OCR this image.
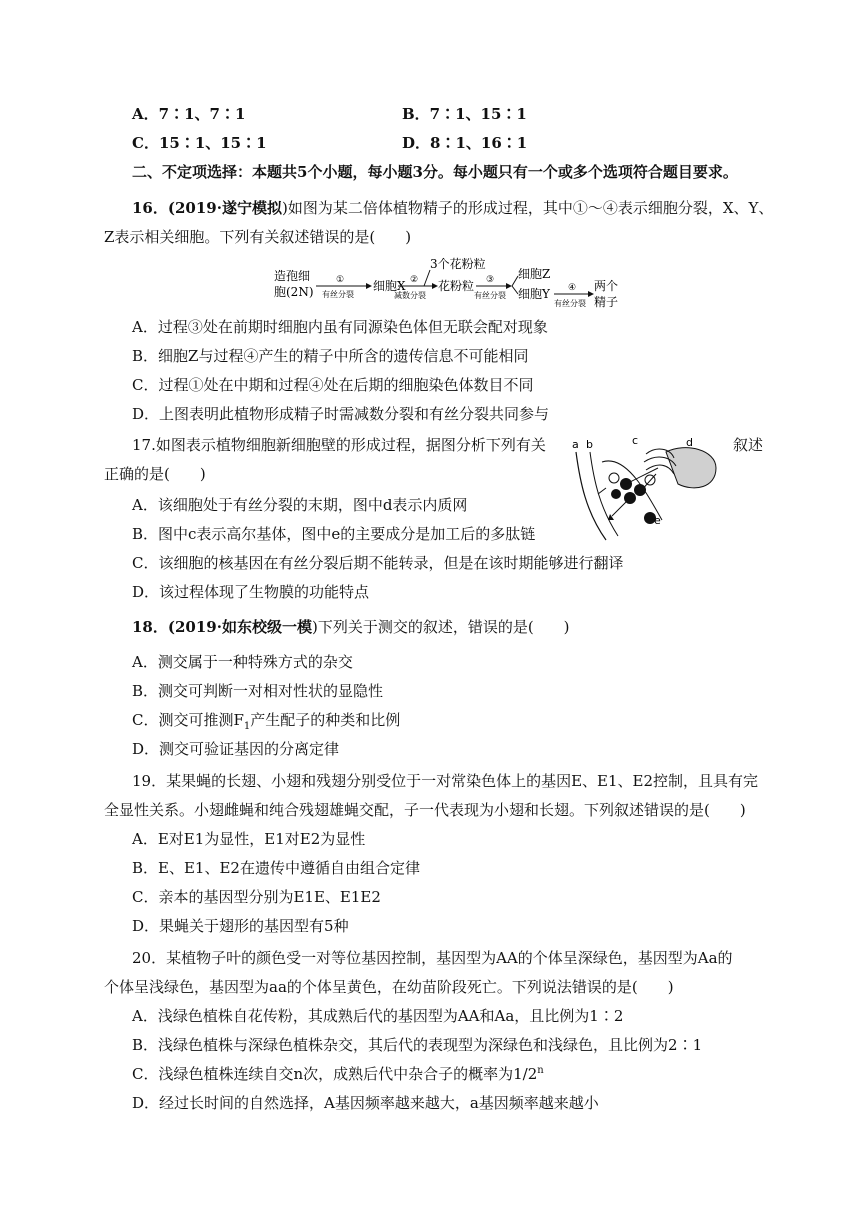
A．7∶1、7∶1	B．7∶1、15∶1
C．15∶1、15∶1	D．8∶1、16∶1
二、不定项选择：本题共5个小题，每小题3分。每小题只有一个或多个选项符合题目要求。
16．(2019·遂宁模拟)如图为某二倍体植物精子的形成过程，其中①～④表示细胞分裂，X、Y、
Z表示相关细胞。下列有关叙述错误的是(　　)
造孢细
胞(2N)
①
有丝分裂
细胞X ②
减数分裂
3个花粉粒
花粉粒 ③
有丝分裂
细胞Z
细胞Y ④
有丝分裂
两个
精子
A．过程③处在前期时细胞内虽有同源染色体但无联会配对现象
B．细胞Z与过程④产生的精子中所含的遗传信息不可能相同
C．过程①处在中期和过程④处在后期的细胞染色体数目不同
D．上图表明此植物形成精子时需减数分裂和有丝分裂共同参与
17.如图表示植物细胞新细胞壁的形成过程，据图分析下列有关	叙述
正确的是(　　)
a b	c	d
e
A．该细胞处于有丝分裂的末期，图中d表示内质网
B．图中c表示高尔基体，图中e的主要成分是加工后的多肽链
C．该细胞的核基因在有丝分裂后期不能转录，但是在该时期能够进行翻译
D．该过程体现了生物膜的功能特点
18．(2019·如东校级一模)下列关于测交的叙述，错误的是(　　)
A．测交属于一种特殊方式的杂交
B．测交可判断一对相对性状的显隐性
C．测交可推测$F_1$产生配子的种类和比例
D．测交可验证基因的分离定律
19．某果蝇的长翅、小翅和残翅分别受位于一对常染色体上的基因E、E1、E2控制，且具有完
全显性关系。小翅雌蝇和纯合残翅雄蝇交配，子一代表现为小翅和长翅。下列叙述错误的是(　　)
A．E对E1为显性，E1对E2为显性
B．E、E1、E2在遗传中遵循自由组合定律
C．亲本的基因型分别为E1E、E1E2
D．果蝇关于翅形的基因型有5种
20．某植物子叶的颜色受一对等位基因控制，基因型为AA的个体呈深绿色，基因型为Aa的
个体呈浅绿色，基因型为aa的个体呈黄色，在幼苗阶段死亡。下列说法错误的是(　　)
A．浅绿色植株自花传粉，其成熟后代的基因型为AA和Aa，且比例为1∶2
B．浅绿色植株与深绿色植株杂交，其后代的表现型为深绿色和浅绿色，且比例为2∶1
C．浅绿色植株连续自交n次，成熟后代中杂合子的概率为1/2$^n$
D．经过长时间的自然选择，A基因频率越来越大，a基因频率越来越小
